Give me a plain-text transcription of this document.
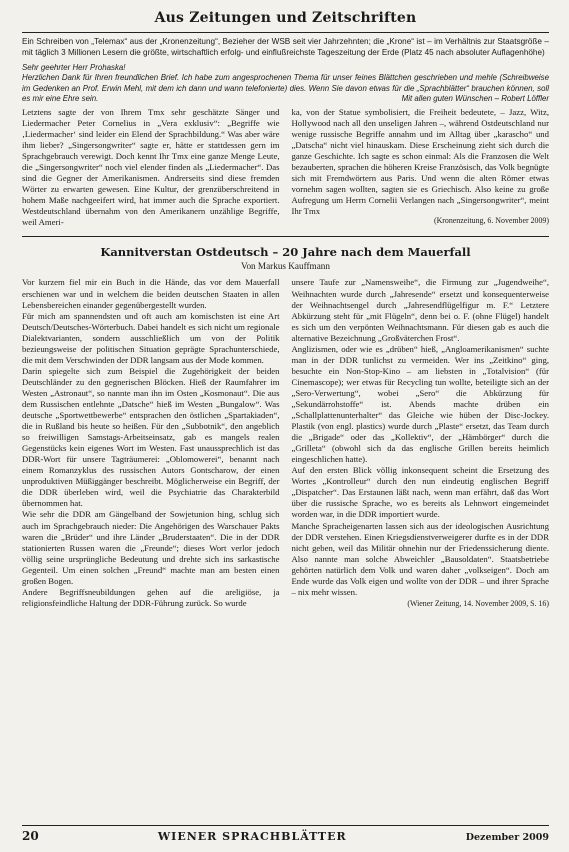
Aus Zeitungen und Zeitschriften

Ein Schreiben von „Telemax“ aus der „Kronenzeitung“, Bezieher der WSB seit vier Jahrzehnten; die „Krone“ ist – im Verhältnis zur Staatsgröße – mit täglich 3 Millionen Lesern die größte, wirtschaftlich erfolg- und einflußreichste Tageszeitung der Erde (Platz 45 nach absoluter Auflagenhöhe)

Sehr geehrter Herr Prohaska!

Herzlichen Dank für Ihren freundlichen Brief. Ich habe zum angesprochenen Thema für unser feines Blättchen geschrieben und mehle (Schreibweise im Gedenken an Prof. Erwin Mehl, mit dem ich dann und wann telefonierte) dies. Wenn Sie davon etwas für die „Sprachblätter“ brauchen können, soll es mir eine Ehre sein.

Letztens sagte der von Ihrem Tmx sehr geschätzte Sänger und Liedermacher Peter Cornelius in „Vera exklusiv“: „Begriffe wie ‚Liedermacher‘ sind leider ein Elend der Sprachbildung.“ Was aber wäre ihm lieber? „Singersongwriter“ sagte er, hätte er stattdessen gern im Sprachgebrauch verewigt. Doch kennt Ihr Tmx eine ganze Menge Leute, die „Singersongwriter“ noch viel elender finden als „Liedermacher“. Das sind die Gegner der Amerikanismen. Andrerseits sind diese fremden Wörter zu erwarten gewesen. Eine Kultur, der grenzüberschreitend in hohem Maße nachgeeifert wird, hat immer auch die Sprache exportiert. Westdeutschland übernahm von den Amerikanern unzählige Begriffe, weil Ameri-

Mit allen guten Wünschen – Robert Löffler

ka, von der Statue symbolisiert, die Freiheit bedeutete, – Jazz, Witz, Hollywood nach all den unseligen Jahren –, während Ostdeutschland nur wenige russische Begriffe annahm und im Alltag über „karascho“ und „Datscha“ nicht viel hinauskam. Diese Erscheinung zieht sich durch die ganze Geschichte. Ich sagte es schon einmal: Als die Franzosen die Welt bezauberten, sprachen die höheren Kreise Französisch, das Volk begnügte sich mit Fremdwörtern aus Paris. Und wenn die alten Römer etwas vornehm sagen wollten, sagten sie es Griechisch. Also keine zu große Aufregung um Herrn Cornelii Verlangen nach „Singersongwriter“, meint Ihr Tmx

(Kronenzeitung, 6. November 2009)

Kannitverstan Ostdeutsch – 20 Jahre nach dem Mauerfall
Von Markus Kauffmann

Vor kurzem fiel mir ein Buch in die Hände, das vor dem Mauerfall erschienen war und in welchem die beiden deutschen Staaten in allen Lebensbereichen einander gegenübergestellt wurden.

Für mich am spannendsten und oft auch am komischsten ist eine Art Deutsch/Deutsches-Wörterbuch. Dabei handelt es sich nicht um regionale Dialektvarianten, sondern ausschließlich um von der Politik bezieungsweise der politischen Situation geprägte Sprachunterschiede, die mit dem Verschwinden der DDR langsam aus der Mode kommen.

Darin spiegelte sich zum Beispiel die Zugehörigkeit der beiden Deutschländer zu den gegnerischen Blöcken. Hieß der Raumfahrer im Westen „Astronaut“, so nannte man ihn im Osten „Kosmonaut“. Die aus dem Russischen entlehnte „Datsche“ hieß im Westen „Bungalow“. Was deutsche „Sportwettbewerbe“ entsprachen den östlichen „Spartakiaden“, die in Rußland bis heute so heißen. Für den „Subbotnik“, den angeblich so freiwilligen Samstags-Arbeitseinsatz, gab es mangels realen Gegenstücks kein eigenes Wort im Westen. Fast unaussprechlich ist das DDR-Wort für unsere Tagträumerei: „Oblomowerei“, benannt nach einem Romanzyklus des russischen Autors Gontscharow, der einen unproduktiven Müßiggänger beschreibt. Möglicherweise ein Begriff, der die DDR überleben wird, weil die Psychiatrie das Charakterbild übernommen hat.

Wie sehr die DDR am Gängelband der Sowjetunion hing, schlug sich auch im Sprachgebrauch nieder: Die Angehörigen des Warschauer Pakts waren die „Brüder“ und ihre Länder „Bruderstaaten“. Die in der DDR stationierten Russen waren die „Freunde“; dieses Wort verlor jedoch völlig seine ursprüngliche Bedeutung und drehte sich ins sarkastische Gegenteil. Um einen solchen „Freund“ machte man am besten einen großen Bogen.

Andere Begriffsneubildungen gehen auf die areligiöse, ja religionsfeindliche Haltung der DDR-Führung zurück. So wurde

unsere Taufe zur „Namensweihe“, die Firmung zur „Jugendweihe“, Weihnachten wurde durch „Jahresende“ ersetzt und konsequenterweise der Weihnachtsengel durch „Jahresendflügelfigur m. F.“ Letztere Abkürzung steht für „mit Flügeln“, denn bei o. F. (ohne Flügel) handelt es sich um den verpönten Weihnachtsmann. Für diesen gab es auch die alternative Bezeichnung „Großväterchen Frost“.

Anglizismen, oder wie es „drüben“ hieß, „Angloamerikanismen“ suchte man in der DDR tunlichst zu vermeiden. Wer ins „Zeitkino“ ging, besuchte ein Non-Stop-Kino – am liebsten in „Totalvision“ (für Cinemascope); wer etwas für Recycling tun wollte, beteiligte sich an der „Sero-Verwertung“, wobei „Sero“ die Abkürzung für „Sekundärrohstoffe“ ist. Abends machte drüben ein „Schallplattenunterhalter“ das Gleiche wie hüben der Disc-Jockey. Plastik (von engl. plastics) wurde durch „Plaste“ ersetzt, das Team durch die „Brigade“ oder das „Kollektiv“, der „Hämbörger“ durch die „Grilleta“ (obwohl sich da das englische Grillen bereits heimlich eingeschlichen hatte).

Auf den ersten Blick völlig inkonsequent scheint die Ersetzung des Wortes „Kontrolleur“ durch den nun eindeutig englischen Begriff „Dispatcher“. Das Erstaunen läßt nach, wenn man erfährt, daß das Wort über die russische Sprache, wo es bereits als Lehnwort eingemeindet worden war, in die DDR importiert wurde.

Manche Spracheigenarten lassen sich aus der ideologischen Ausrichtung der DDR verstehen. Einen Kriegsdienstverweigerer durfte es in der DDR nicht geben, weil das Militär ohnehin nur der Friedenssicherung diente. Also nannte man solche Abweichler „Bausoldaten“. Staatsbetriebe gehörten natürlich dem Volk und waren daher „volkseigen“. Doch am Ende wurde das Volk eigen und wollte von der DDR – und ihrer Sprache – nix mehr wissen.

(Wiener Zeitung, 14. November 2009, S. 16)

20	WIENER SPRACHBLÄTTER	Dezember 2009
